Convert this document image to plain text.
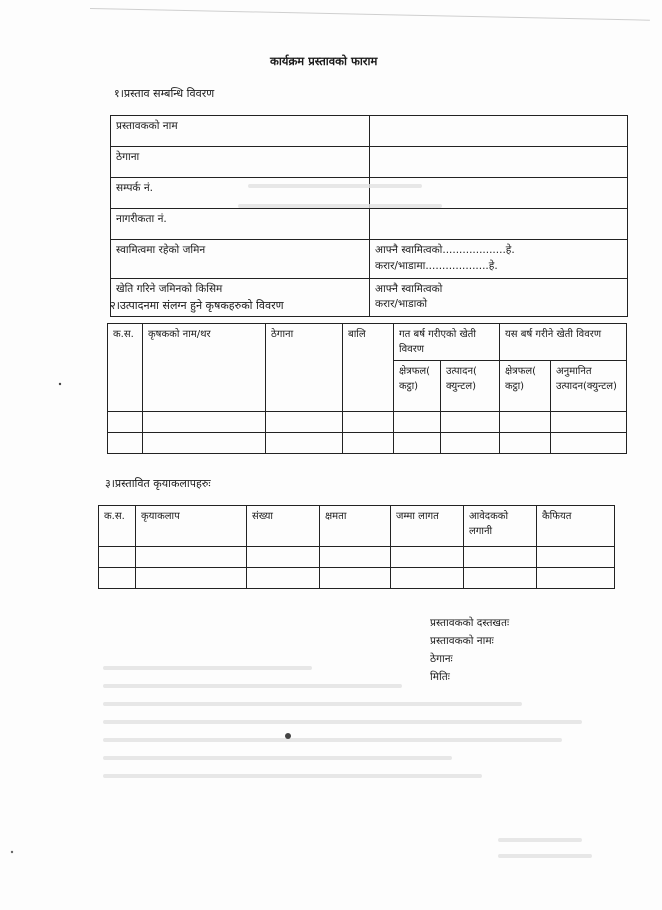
कार्यक्रम प्रस्तावको फाराम
१।प्रस्ताव सम्बन्धि विवरण
प्रस्तावकको नाम	
ठेगाना	
सम्पर्क नं.	
नागरीकता नं.	
स्वामित्वमा रहेको जमिन	आफ्नै स्वामित्वको...................हे.
करार/भाडामा...................हे.

खेति गरिने जमिनको किसिम	आफ्नै स्वामित्वको
करार/भाडाको
२।उत्पादनमा संलग्न हुने कृषकहरुको विवरण
क.स.	कृषकको नाम/थर	ठेगाना	बालि	गत बर्ष गरीएको खेती विवरण		यस बर्ष गरीने खेती विवरण	
				क्षेत्रफल( कट्ठा)	उत्पादन( क्युन्टल)	क्षेत्रफल( कट्ठा)	अनुमानित उत्पादन(क्युन्टल)

३।प्रस्तावित कृयाकलापहरुः
क.स.	कृयाकलाप	संख्या	क्षमता	जम्मा लागत	आवेदकको लगानी	कैफियत

प्रस्तावकको दस्तखतः
प्रस्तावकको नामः
ठेगानः
मितिः
